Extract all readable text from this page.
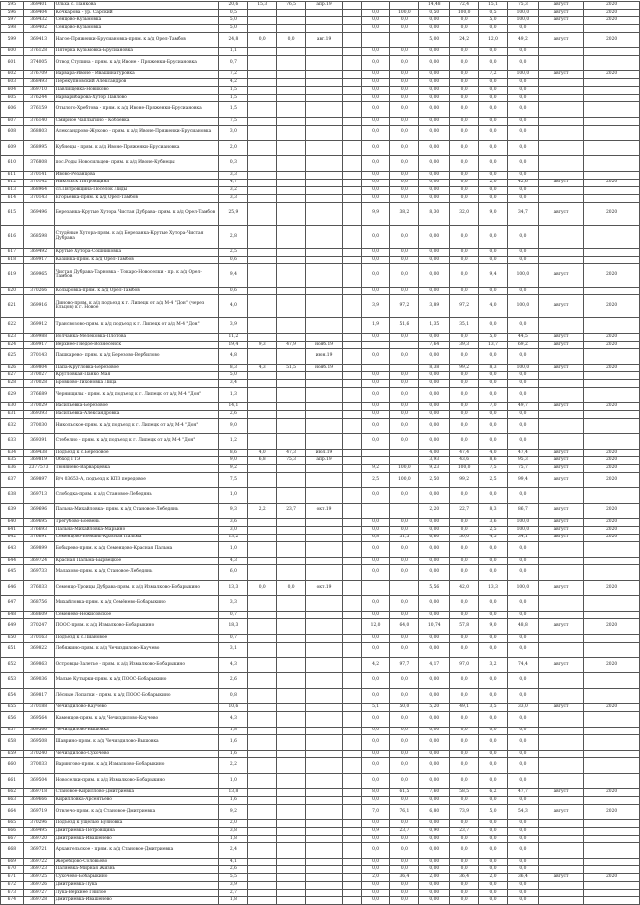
595	369401	Ольха с. Панкова	20,6	15,3	76,5	апр.19				14,48	72,4	15,1	75,3	август	2020
596	369404	Кочкарова - ур. Сарский	0,5					0,0	100,0	0,50	100,0	0,5	100,0	август	2020
597	369432	Сенцово-Кузьмовка	5,0					0,0	0,0	0,00	0,0	5,0	100,0	август	2020
598	369402	Сенцово-Кузьмовка	5,0					0,0	0,0	0,00	0,0	0,0	0,0		
599	369413	Нагое-Пряженки-Брусиановка-прям. к а/д Орел-Тамбов	24,8	0,0	0,0	авг.19				5,00	24,2	12,0	49,2	август	2020
600	376128	Пятерка Кузьмовка-Брусиановка	1,1					0,0	0,0	0,00	0,0	0,0	0,0		
601	374005	Отвод Ступина - прям. к а/д Ивоне - Пряженки-Брусиановка	0,7					0,0	0,0	0,00	0,0	0,0	0,0		
602	376709	Варвара-Ивоне - Ивашинатуровка	7,2					0,0	0,0	0,00	0,0	7,2	100,0	август	2020
603	368493	Перекупновский Александров	4,2					0,0	0,0	0,00	0,0	0,0	0,0		
604	369710	Павлищевка-Новиково	1,5					0,0	0,0	0,00	0,0	0,0	0,0		
605	376244	Варварибарова-Хутор Павлово	1,5					0,0	0,0	0,00	0,0	0,0	0,0		
606	376159	Отылого-Хребтова - прям. к а/д Ивоне-Пряженки-Брусиановка	1,5					0,0	0,0	0,00	0,0	0,0	0,0		
607	376140	Смирное Чаплыгино - Кобзевка	7,5					0,0	0,0	0,00	0,0	0,0	0,0		
608	368803	Александрово-Жуково - прям. к а/д Ивоне-Пряженки-Брусиановка	3,0					0,0	0,0	0,00	0,0	0,0	0,0		
609	368995	Кубнецы - прям. к а/д Ивоне-Пряженки-Брусиановка	2,0					0,0	0,0	0,00	0,0	0,0	0,0		
610	376808	пос.Роды Новосильцев- прям. к а/д Ивоне-Кубнецы	0,3					0,0	0,0	0,00	0,0	0,0	0,0		
611	370141	Ивово-Резанцова	3,3					0,0	0,0	0,00	0,0	0,0	0,0		
612	370142	Никольск Пятровщина	4,7					0,0	0,0	0,00	0,0	2,0	42,6	август	2020
613	368964	сл.Пятровщина-Поселок Лиды	3,2					0,0	0,0	0,00	0,0	0,0	0,0		
614	370143	Егорьевка-прям. к а/д Орел-Тамбов	3,3					0,0	0,0	0,00	0,0	0,0	0,0		
615	369496	Березанка-Крутые Хутора Чистая Дубрава- прям. к а/д Орел-Тамбов	25,9					9,9	38,2	8,30	32,0	9,0	34,7	август	2020
616	368598	Студёные Хутора-прям. к а/д Березанка-Крутые Хутора-Чистая Дубрава	2,8					0,0	0,0	0,00	0,0	0,0	0,0		
617	369492	Крутые Хутора-Сошниковка	2,5					0,0	0,0	0,00	0,0	0,0	0,0		
618	369917	Казинка-прям. к а/д Орел-Тамбов	0,6					0,0	0,0	0,00	0,0	0,0	0,0		
619	369965	Чистая Дубрава-Тарновка - Токаро-Новоселки - пр. к а/д Орел-Тамбов	9,4					0,0	0,0	0,00	0,0	9,4	100,0	август	2020
620	370266	Колыровка-прям. к а/д Орел-Тамбов	0,6					0,0	0,0	0,00	0,0	0,0	0,0		
621	369916	Линово-прям. к а/д подъезд к г. Липецк от а/д М-4 "Дон" (через Ельцов) к г. Новое	4,0					3,9	97,2	3,89	97,2	4,0	100,0	август	2020
622	369912	Трансвозово-прям. к а/д подъезд к г. Липецк от а/д М-4 "Дон"	3,9					1,9	51,6	1,35	35,1	0,0	0,0		
623	369988	Волчанка-Мелековка-Плотова	11,2					0,0	0,0	0,00	0,0	5,0	44,5	август	2020
624	369917	Верхнее-Гнедое-Вознесенск	19,4	9,3	47,9	нояб.19				7,64	39,3	13,7	69,2	август	2020
625	370143	Пашкарево- прям. к а/д Березово-Вербилово	4,8			июн.19		0,0	0,0	0,00	0,0	0,0	0,0		
626	369804	Папа-Кругловка-Березовое	8,3	4,3	51,5	нояб.19				8,38	99,2	8,3	100,0	август	2020
627	370027	Кругловкая-Панко Мая	5,0					0,0	0,0	0,00	0,0	0,0	0,0		
628	370028	Бровково-Тихоновка Лица	3,4					0,0	0,0	0,00	0,0	0,0	0,0		
629	376689	Чернищилы - прям. к а/д подъезд к г. Липецк от а/д М-4 "Дон"	1,3					0,0	0,0	0,00	0,0	0,0	0,0		
630	370029	Васильевка-Березовое	14,1					0,0	0,0	0,00	0,0	7,0	49,7	август	2020
631	369393	Васильевка-Александровка	2,6					0,0	0,0	0,00	0,0	0,0	0,0		
632	370030	Никольское-прям. к а/д подъезд к г. Липецк от а/д М-4 "Дон"	9,0					0,0	0,0	0,00	0,0	0,0	0,0		
633	369391	Стебелно - прям. к а/д подъезд к г. Липецк от а/д М-4 "Дон"	1,2					0,0	0,0	0,00	0,0	0,0	0,0		
634	369438	Подъезд к с.Березовое	8,6	4,0	47,3	июл.19				4,00	47,4	4,0	47,4	август	2020
635	369819	Обход ГТЭ	9,0	6,8	75,3	апр.19				3,93	43,6	8,6	95,3	август	2020
636	2377573	Тюнянёво-Варварцевка	9,2					9,2	100,0	9,23	100,0	7,5	75,7	август	2020
637	369897	В/ч 03653-А, подъезд к КПЗ передовое	7,5					2,5	100,0	2,50	99,2	2,5	99,4	август	2020
638	369713	Слободка-прям. к а/д Становое-Лебедянь	1,0					0,0	0,0	0,00	0,0	0,0	0,0		
639	369696	Пальна-Михайловка- прям. к а/д Становое-Лебедянь	9,3	2,2	23,7	окт.19				2,20	22,7	8,3	86,7	август	2020
640	369695	Трегубово-Боевень	3,6					0,0	0,0	0,00	0,0	3,6	100,0	август	2020
641	376693	Пальна-Михайловка-Марьино	3,0					0,0	0,0	0,00	0,0	2,5	100,0	август	2020
642	376691	Семенцово-Боевань-Красная Пальма	13,2					6,8	51,5	6,60	50,0	4,5	34,1	август	2020
643	369899	Бобырево-прям. к а/д Семенцово-Красная Пальма	1,0					0,0	0,0	0,00	0,0	0,0	0,0		
644	369724	Красная Пальма-Бырвецкое	4,3					0,0	0,0	0,00	0,0	0,0	0,0		
645	369733	Малахово-прям. к а/д Становое-Лебедянь	6,0					0,0	0,0	0,00	0,0	0,0	0,0		
646	376033	Семенцо-Троицы Дубрава-прям. к а/д Измалково-Бобарыкино	13,3	0,0	0,0	окт.19				5,56	42,0	13,3	100,0	август	2020
647	368756	Михайловка-прям. к а/д Семёнево-Бобарыкино	3,3					0,0	0,0	0,00	0,0	0,0	0,0		
648	368609	Семенево-Нежисовское	0,7					0,0	0,0	0,00	0,0	0,0	0,0		
649	370247	ПООС-прям. к а/д Измалково-Бобарыкино	18,3					12,0	64,0	10,74	57,8	9,0	48,8	август	2020
650	370163	Подъезд к с.Лиановое	0,7					0,0	0,0	0,00	0,0	0,0	0,0		
651	369822	Лебяжино-прям. к а/д Чечиздилово-Каучево	3,1					0,0	0,0	0,00	0,0	0,0	0,0		
652	369863	Островцы-Залетье - прям. к а/д Измалково-Бобарыкино	4,3					4,2	97,7	4,17	97,0	3,2	74,4	август	2020
653	369036	Малые Кутырки-прям. к а/д ПООС-Бобарыкино	2,6					0,0	0,0	0,00	0,0	0,0	0,0		
654	369817	Лёсные Лопатки - прям. к а/д ПООС-Бобарыкино	0,8					0,0	0,0	0,00	0,0	0,0	0,0		
655	370188	Чечиздилово-Каучево	10,6					5,1	50,0	5,20	49,1	3,5	33,0	август	2020
656	369564	Каменцов-прям. к а/д Чечиздилово-Каучево	4,3					0,0	0,0	0,00	0,0	0,0	0,0		
657	369566	Чечиздилово-Вышовка	1,8					0,0	0,0	0,00	0,0	0,0	0,0		
658	369508	Шаврино-прям. к а/д Чечиздилово-Вышовка	1,6					0,0	0,0	0,00	0,0	0,0	0,0		
659	370240	Чечиздилово-Сухочево	1,6					0,0	0,0	0,00	0,0	0,0	0,0		
660	370033	Варингово-прям. к а/д Измалково-Бобарыкино	2,2					0,0	0,0	0,00	0,0	0,0	0,0		
661	369504	Новоселки-прям. к а/д Измалково-Бобарыкино	1,0					0,0	0,0	0,00	0,0	0,0	0,0		
662	369718	Становое-Кириллово-Дмитриевка	13,8					8,0	61,5	7,60	58,5	6,2	47,7	август	2020
663	369666	Кирилловка-Арсентьево	1,6					0,0	0,0	0,00	0,0	0,0	0,0		
664	369719	Отвлечо-прям. к а/д Становое-Дмитриевка	9,2					7,0	76,1	6,80	73,9	5,0	54,3	август	2020
665	370296	Подъезд к ущелью Буяновка	2,0					0,0	0,0	0,00	0,0	0,0	0,0		
666	369495	Дмитриевка-Петровщина	3,8					0,9	23,7	0,90	23,7	0,0	0,0		
667	369720	Дмитриевка-Ивашенево	1,8					0,0	0,0	0,00	0,0	0,0	0,0		
668	369721	Архангельское - прям. к а/д Становое-Дмитриевка	2,4					0,0	0,0	0,00	0,0	0,0	0,0		
669	369722	Жеребцово-Соловьево	4,1					0,0	0,0	0,00	0,0	0,0	0,0		
670	369723	Паляевка-Мирная Жизнь	2,6					0,0	0,0	0,00	0,0	0,0	0,0		
671	369725	Сухочево-Бобарыкино	5,5					2,0	36,4	2,00	36,4	2,0	36,4	август	2020
672	369726	Дмитриевка-Лука	3,9					0,0	0,0	0,00	0,0	0,0	0,0		
673	369727	Лука-Верхнее Гнилое	2,7					0,0	0,0	0,00	0,0	0,0	0,0		
674	369728	Дмитриевка-Ивашенево	1,8					0,0	0,0	0,00	0,0	0,0	0,0		
